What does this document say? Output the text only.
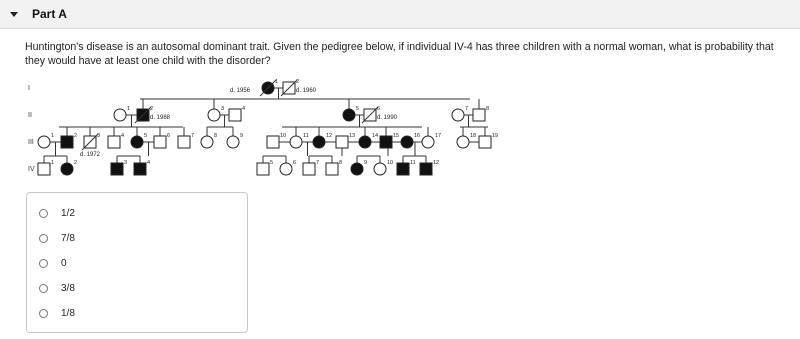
Part A
Huntington's disease is an autosomal dominant trait. Given the pedigree below, if individual IV-4 has three children with a normal woman, what is probability that they would have at least one child with the disorder?
I
II
III
IV
1
d. 1956
2
d. 1960
1	2
d. 1988
3	4	5	6
d. 1990
7	8
1	2	3
d. 1972
4	5	6	7	8	9	10	11	12	13	14	15	16	17	18	19
1	2	3	4	5	6	7	8	9	10	11	12
1/2
7/8
0
3/8
1/8
